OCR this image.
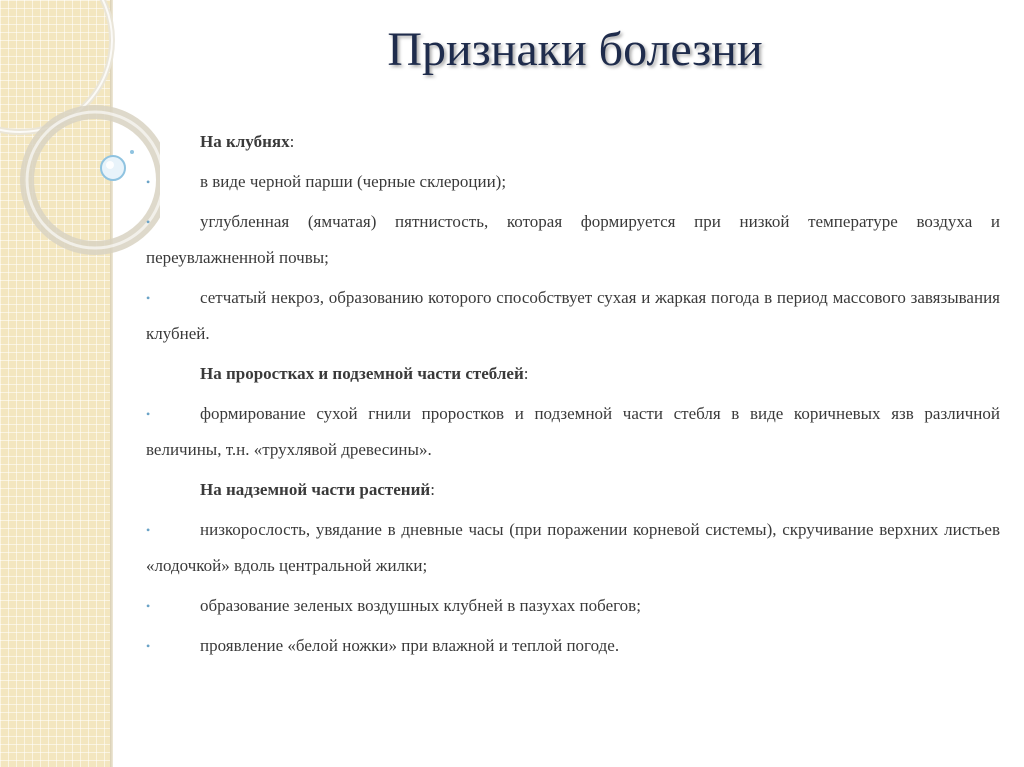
Признаки болезни
На клубнях:
•	в виде черной парши (черные склероции);
•	углубленная (ямчатая) пятнистость, которая формируется при низкой температуре воздуха и переувлажненной почвы;
•	сетчатый некроз, образованию которого способствует сухая и жаркая погода в период массового завязывания клубней.
На проростках и подземной части стеблей:
•	формирование сухой гнили проростков и подземной части стебля в виде коричневых язв различной величины, т.н. «трухлявой древесины».
На надземной части растений:
•	низкорослость, увядание в дневные часы (при поражении корневой системы), скручивание верхних листьев «лодочкой» вдоль центральной жилки;
•	образование зеленых воздушных клубней в пазухах побегов;
•	проявление «белой ножки» при влажной и теплой погоде.
